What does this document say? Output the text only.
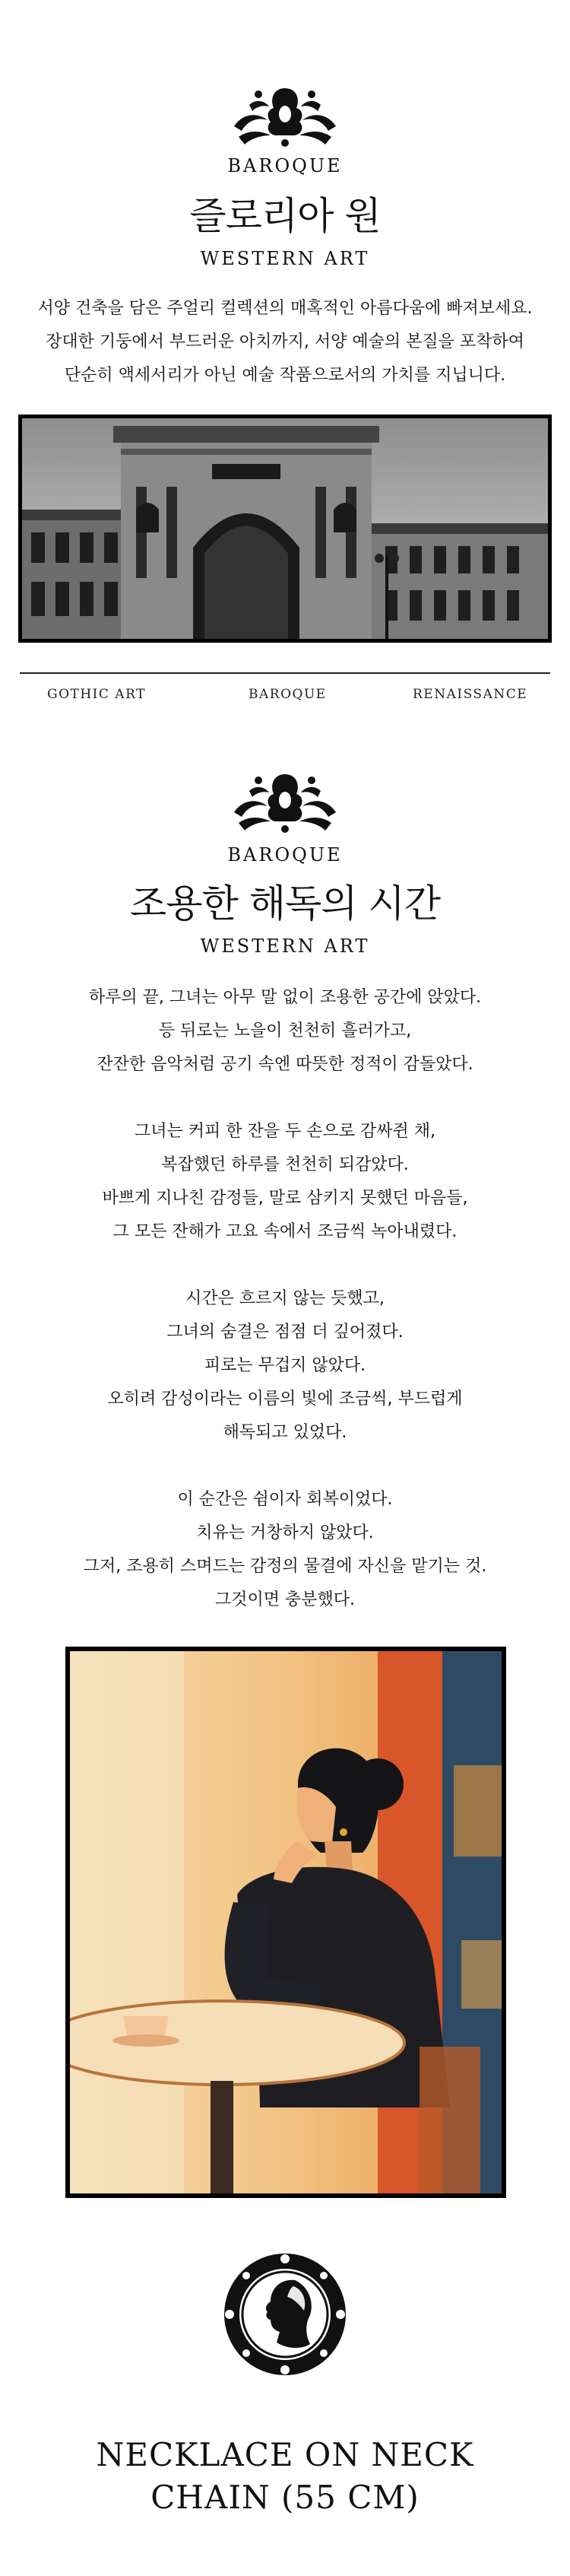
BAROQUE
즐로리아 원
WESTERN ART
서양 건축을 담은 주얼리 컬렉션의 매혹적인 아름다움에 빠져보세요.
장대한 기둥에서 부드러운 아치까지, 서양 예술의 본질을 포착하여
단순히 액세서리가 아닌 예술 작품으로서의 가치를 지닙니다.
GOTHIC ART	BAROQUE	RENAISSANCE
BAROQUE
조용한 해독의 시간
WESTERN ART
하루의 끝, 그녀는 아무 말 없이 조용한 공간에 앉았다.
등 뒤로는 노을이 천천히 흘러가고,
잔잔한 음악처럼 공기 속엔 따뜻한 정적이 감돌았다.
그녀는 커피 한 잔을 두 손으로 감싸쥔 채,
복잡했던 하루를 천천히 되감았다.
바쁘게 지나친 감정들, 말로 삼키지 못했던 마음들,
그 모든 잔해가 고요 속에서 조금씩 녹아내렸다.
시간은 흐르지 않는 듯했고,
그녀의 숨결은 점점 더 깊어졌다.
피로는 무겁지 않았다.
오히려 감성이라는 이름의 빛에 조금씩, 부드럽게
해독되고 있었다.
이 순간은 쉼이자 회복이었다.
치유는 거창하지 않았다.
그저, 조용히 스며드는 감정의 물결에 자신을 맡기는 것.
그것이면 충분했다.
NECKLACE ON NECK
CHAIN (55 CM)
